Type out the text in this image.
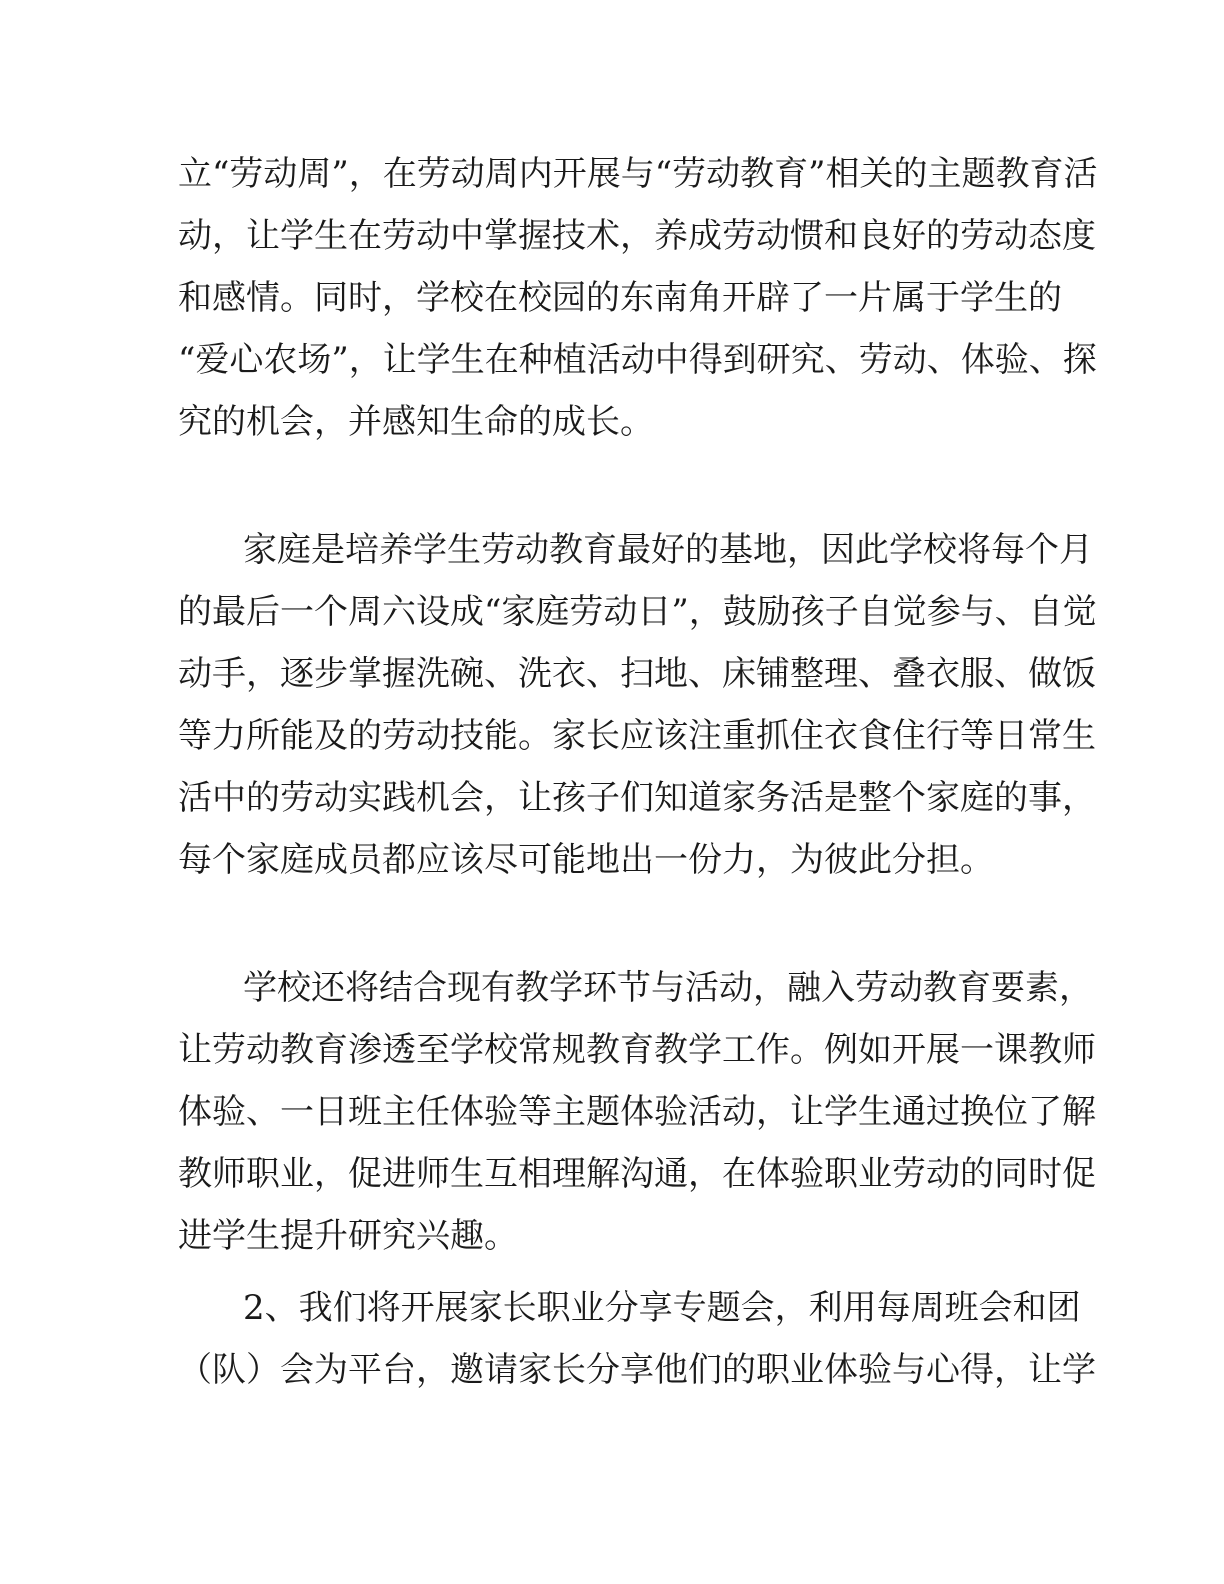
立“劳动周”，在劳动周内开展与“劳动教育”相关的主题教育活

动，让学生在劳动中掌握技术，养成劳动惯和良好的劳动态度

和感情。同时，学校在校园的东南角开辟了一片属于学生的

“爱心农场”，让学生在种植活动中得到研究、劳动、体验、探

究的机会，并感知生命的成长。

家庭是培养学生劳动教育最好的基地，因此学校将每个月

的最后一个周六设成“家庭劳动日”，鼓励孩子自觉参与、自觉

动手，逐步掌握洗碗、洗衣、扫地、床铺整理、叠衣服、做饭

等力所能及的劳动技能。家长应该注重抓住衣食住行等日常生

活中的劳动实践机会，让孩子们知道家务活是整个家庭的事，

每个家庭成员都应该尽可能地出一份力，为彼此分担。

学校还将结合现有教学环节与活动，融入劳动教育要素，

让劳动教育渗透至学校常规教育教学工作。例如开展一课教师

体验、一日班主任体验等主题体验活动，让学生通过换位了解

教师职业，促进师生互相理解沟通，在体验职业劳动的同时促

进学生提升研究兴趣。

2、我们将开展家长职业分享专题会，利用每周班会和团

（队）会为平台，邀请家长分享他们的职业体验与心得，让学
